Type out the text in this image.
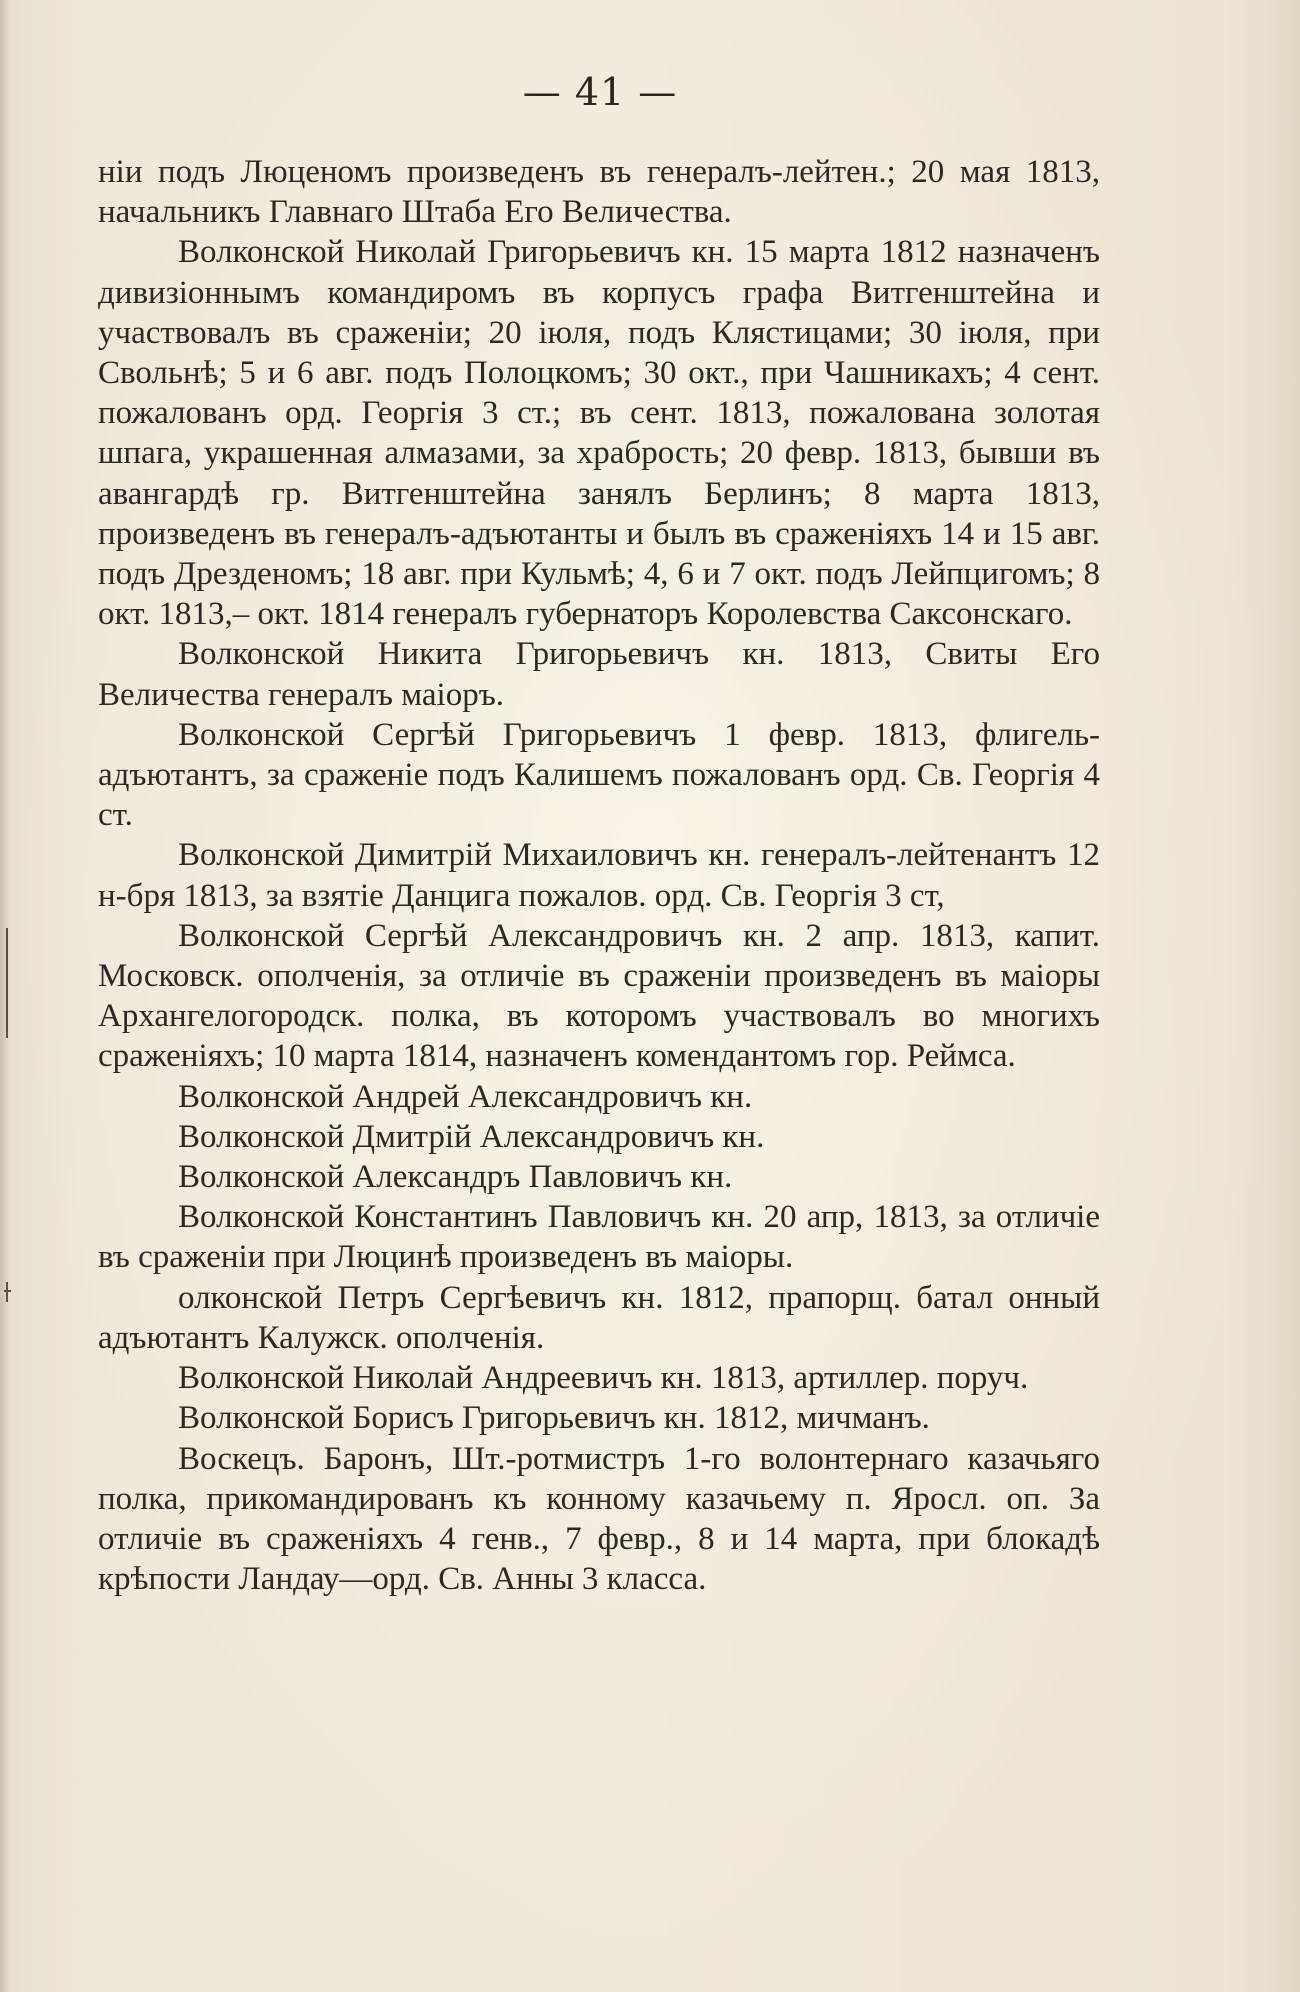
— 41 —

ніи подъ Люценомъ произведенъ въ генералъ-лейтен.; 20 мая 1813, начальникъ Главнаго Штаба Его Величества.

Волконской Николай Григорьевичъ кн. 15 марта 1812 назначенъ дивизіоннымъ командиромъ въ корпусъ графа Витгенштейна и участвовалъ въ сраженіи; 20 іюля, подъ Клястицами; 30 іюля, при Свольнѣ; 5 и 6 авг. подъ Полоцкомъ; 30 окт., при Чашникахъ; 4 сент. пожалованъ орд. Георгія 3 ст.; въ сент. 1813, пожалована золотая шпага, украшенная алмазами, за храбрость; 20 февр. 1813, бывши въ авангардѣ гр. Витгенштейна занялъ Берлинъ; 8 марта 1813, произведенъ въ генералъ-адъютанты и былъ въ сраженіяхъ 14 и 15 авг. подъ Дрезденомъ; 18 авг. при Кульмѣ; 4, 6 и 7 окт. подъ Лейпцигомъ; 8 окт. 1813,– окт. 1814 генералъ губернаторъ Королевства Саксонскаго.

Волконской Никита Григорьевичъ кн. 1813, Свиты Его Величества генералъ маіоръ.

Волконской Сергѣй Григорьевичъ 1 февр. 1813, флигель-адъютантъ, за сраженіе подъ Калишемъ пожалованъ орд. Св. Георгія 4 ст.

Волконской Димитрій Михаиловичъ кн. генералъ-лейтенантъ 12 н-бря 1813, за взятіе Данцига пожалов. орд. Св. Георгія 3 ст,

Волконской Сергѣй Александровичъ кн. 2 апр. 1813, капит. Московск. ополченія, за отличіе въ сраженіи произведенъ въ маіоры Архангелогородск. полка, въ которомъ участвовалъ во многихъ сраженіяхъ; 10 марта 1814, назначенъ комендантомъ гор. Реймса.

Волконской Андрей Александровичъ кн.

Волконской Дмитрій Александровичъ кн.

Волконской Александръ Павловичъ кн.

Волконской Константинъ Павловичъ кн. 20 апр, 1813, за отличіе въ сраженіи при Люцинѣ произведенъ въ маіоры.

олконской Петръ Сергѣевичъ кн. 1812, прапорщ. батал онный адъютантъ Калужск. ополченія.

Волконской Николай Андреевичъ кн. 1813, артиллер. поруч.

Волконской Борисъ Григорьевичъ кн. 1812, мичманъ.

Воскецъ. Баронъ, Шт.-ротмистръ 1-го волонтернаго казачьяго полка, прикомандированъ къ конному казачьему п. Яросл. оп. За отличіе въ сраженіяхъ 4 генв., 7 февр., 8 и 14 марта, при блокадѣ крѣпости Ландау—орд. Св. Анны 3 класса.
